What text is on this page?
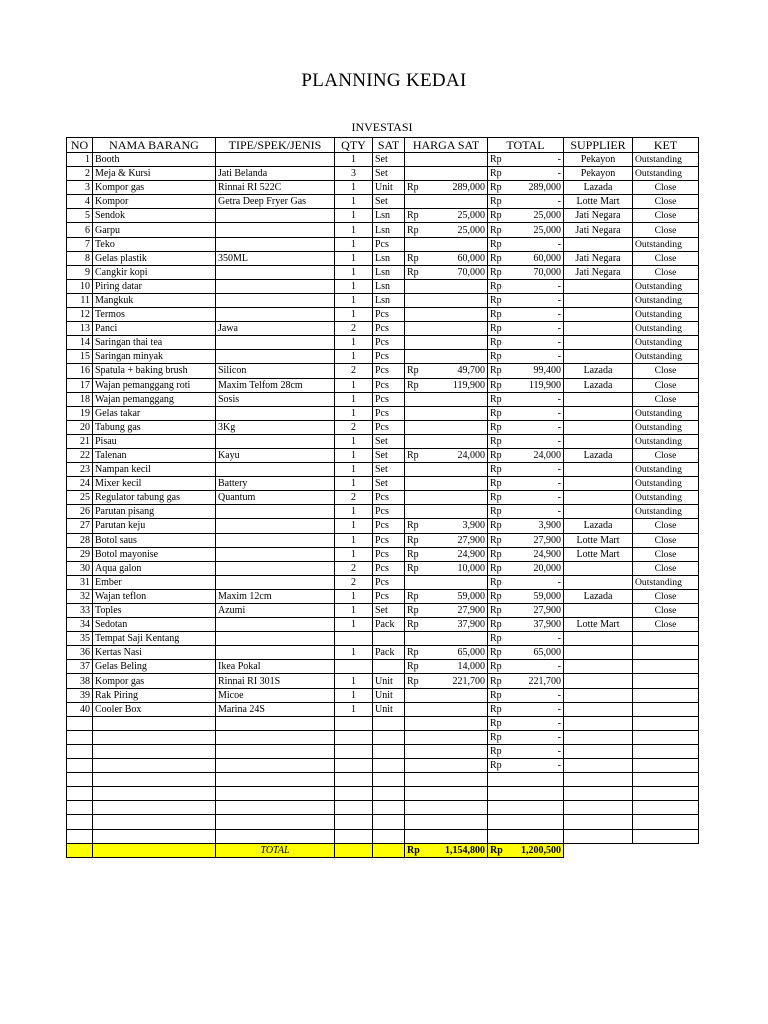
PLANNING KEDAI
INVESTASI
NO	NAMA BARANG	TIPE/SPEK/JENIS	QTY	SAT	HARGA SAT		TOTAL		SUPPLIER	KET
1	Booth		1	Set			Rp	-	Pekayon	Outstanding
2	Meja & Kursi	Jati Belanda	3	Set			Rp	-	Pekayon	Outstanding
3	Kompor gas	Rinnai RI 522C	1	Unit	Rp	289,000	Rp	289,000	Lazada	Close
4	Kompor	Getra Deep Fryer Gas	1	Set			Rp	-	Lotte Mart	Close
5	Sendok		1	Lsn	Rp	25,000	Rp	25,000	Jati Negara	Close
6	Garpu		1	Lsn	Rp	25,000	Rp	25,000	Jati Negara	Close
7	Teko		1	Pcs			Rp	-		Outstanding
8	Gelas plastik	350ML	1	Lsn	Rp	60,000	Rp	60,000	Jati Negara	Close
9	Cangkir kopi		1	Lsn	Rp	70,000	Rp	70,000	Jati Negara	Close
10	Piring datar		1	Lsn			Rp	-		Outstanding
11	Mangkuk		1	Lsn			Rp	-		Outstanding
12	Termos		1	Pcs			Rp	-		Outstanding
13	Panci	Jawa	2	Pcs			Rp	-		Outstanding
14	Saringan thai tea		1	Pcs			Rp	-		Outstanding
15	Saringan minyak		1	Pcs			Rp	-		Outstanding
16	Spatula + baking brush	Silicon	2	Pcs	Rp	49,700	Rp	99,400	Lazada	Close
17	Wajan pemanggang roti	Maxim Telfom 28cm	1	Pcs	Rp	119,900	Rp	119,900	Lazada	Close
18	Wajan pemanggang	Sosis	1	Pcs			Rp	-		Close
19	Gelas takar		1	Pcs			Rp	-		Outstanding
20	Tabung gas	3Kg	2	Pcs			Rp	-		Outstanding
21	Pisau		1	Set			Rp	-		Outstanding
22	Talenan	Kayu	1	Set	Rp	24,000	Rp	24,000	Lazada	Close
23	Nampan kecil		1	Set			Rp	-		Outstanding
24	Mixer kecil	Battery	1	Set			Rp	-		Outstanding
25	Regulator tabung gas	Quantum	2	Pcs			Rp	-		Outstanding
26	Parutan pisang		1	Pcs			Rp	-		Outstanding
27	Parutan keju		1	Pcs	Rp	3,900	Rp	3,900	Lazada	Close
28	Botol saus		1	Pcs	Rp	27,900	Rp	27,900	Lotte Mart	Close
29	Botol mayonise		1	Pcs	Rp	24,900	Rp	24,900	Lotte Mart	Close
30	Aqua galon		2	Pcs	Rp	10,000	Rp	20,000		Close
31	Ember		2	Pcs			Rp	-		Outstanding
32	Wajan teflon	Maxim 12cm	1	Pcs	Rp	59,000	Rp	59,000	Lazada	Close
33	Toples	Azumi	1	Set	Rp	27,900	Rp	27,900		Close
34	Sedotan		1	Pack	Rp	37,900	Rp	37,900	Lotte Mart	Close
35	Tempat Saji Kentang						Rp	-		
36	Kertas Nasi		1	Pack	Rp	65,000	Rp	65,000		
37	Gelas Beling	Ikea Pokal			Rp	14,000	Rp	-		
38	Kompor gas	Rinnai RI 301S	1	Unit	Rp	221,700	Rp	221,700		
39	Rak Piring	Micoe	1	Unit			Rp	-		
40	Cooler Box	Marina 24S	1	Unit			Rp	-		
							Rp	-		
							Rp	-		
							Rp	-		
							Rp	-		

		TOTAL			Rp	1,154,800	Rp	1,200,500		
